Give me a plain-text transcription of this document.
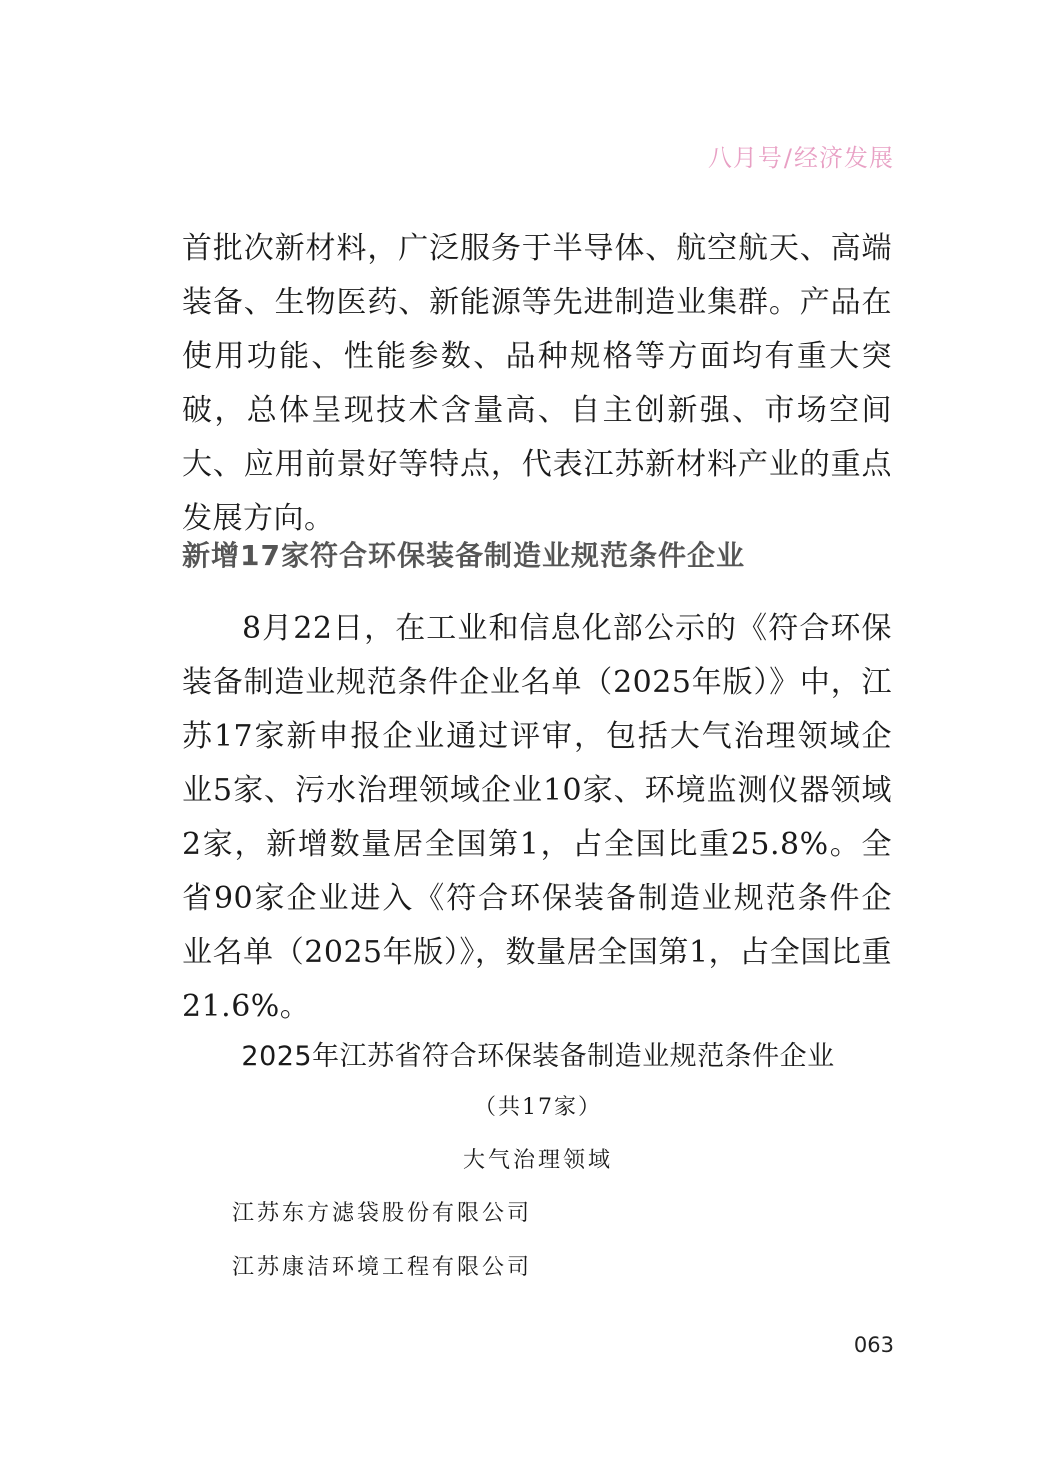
八月号/经济发展

首批次新材料，广泛服务于半导体、航空航天、高端装备、生物医药、新能源等先进制造业集群。产品在使用功能、性能参数、品种规格等方面均有重大突破，总体呈现技术含量高、自主创新强、市场空间大、应用前景好等特点，代表江苏新材料产业的重点发展方向。

新增17家符合环保装备制造业规范条件企业

8月22日，在工业和信息化部公示的《符合环保装备制造业规范条件企业名单（2025年版）》中，江苏17家新申报企业通过评审，包括大气治理领域企业5家、污水治理领域企业10家、环境监测仪器领域2家，新增数量居全国第1，占全国比重25.8%。全省90家企业进入《符合环保装备制造业规范条件企业名单（2025年版）》，数量居全国第1，占全国比重21.6%。

2025年江苏省符合环保装备制造业规范条件企业
（共17家）
大气治理领域
江苏东方滤袋股份有限公司
江苏康洁环境工程有限公司
063
